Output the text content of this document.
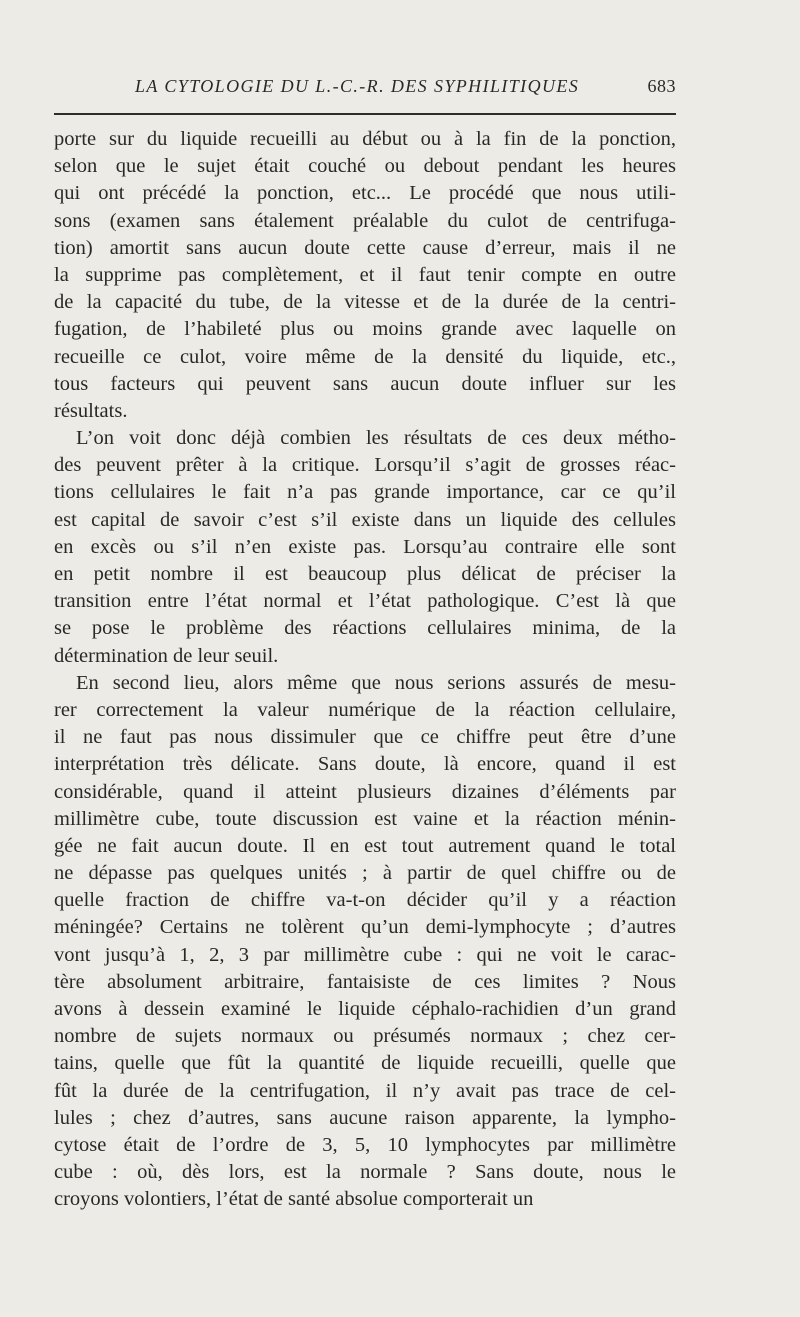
LA CYTOLOGIE DU L.-C.-R. DES SYPHILITIQUES	683
porte sur du liquide recueilli au début ou à la fin de la ponction,
selon que le sujet était couché ou debout pendant les heures
qui ont précédé la ponction, etc... Le procédé que nous utili-
sons (examen sans étalement préalable du culot de centrifuga-
tion) amortit sans aucun doute cette cause d’erreur, mais il ne
la supprime pas complètement, et il faut tenir compte en outre
de la capacité du tube, de la vitesse et de la durée de la centri-
fugation, de l’habileté plus ou moins grande avec laquelle on
recueille ce culot, voire même de la densité du liquide, etc.,
tous facteurs qui peuvent sans aucun doute influer sur les
résultats.
L’on voit donc déjà combien les résultats de ces deux métho-
des peuvent prêter à la critique. Lorsqu’il s’agit de grosses réac-
tions cellulaires le fait n’a pas grande importance, car ce qu’il
est capital de savoir c’est s’il existe dans un liquide des cellules
en excès ou s’il n’en existe pas. Lorsqu’au contraire elle sont
en petit nombre il est beaucoup plus délicat de préciser la
transition entre l’état normal et l’état pathologique. C’est là que
se pose le problème des réactions cellulaires minima, de la
détermination de leur seuil.
En second lieu, alors même que nous serions assurés de mesu-
rer correctement la valeur numérique de la réaction cellulaire,
il ne faut pas nous dissimuler que ce chiffre peut être d’une
interprétation très délicate. Sans doute, là encore, quand il est
considérable, quand il atteint plusieurs dizaines d’éléments par
millimètre cube, toute discussion est vaine et la réaction ménin-
gée ne fait aucun doute. Il en est tout autrement quand le total
ne dépasse pas quelques unités ; à partir de quel chiffre ou de
quelle fraction de chiffre va-t-on décider qu’il y a réaction
méningée? Certains ne tolèrent qu’un demi-lymphocyte ; d’autres
vont jusqu’à 1, 2, 3 par millimètre cube : qui ne voit le carac-
tère absolument arbitraire, fantaisiste de ces limites ? Nous
avons à dessein examiné le liquide céphalo-rachidien d’un grand
nombre de sujets normaux ou présumés normaux ; chez cer-
tains, quelle que fût la quantité de liquide recueilli, quelle que
fût la durée de la centrifugation, il n’y avait pas trace de cel-
lules ; chez d’autres, sans aucune raison apparente, la lympho-
cytose était de l’ordre de 3, 5, 10 lymphocytes par millimètre
cube : où, dès lors, est la normale ? Sans doute, nous le
croyons volontiers, l’état de santé absolue comporterait un
